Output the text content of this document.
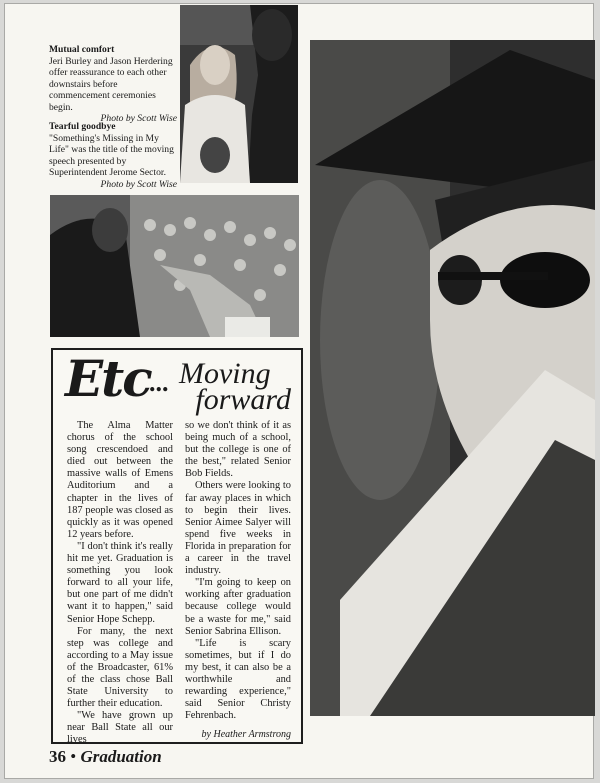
Mutual comfort
Jeri Burley and Jason Herdering offer reassurance to each other downstairs before commencement ceremonies begin.
Photo by Scott Wise
Tearful goodbye
"Something's Missing in My Life" was the title of the moving speech presented by Superintendent Jerome Sector.
Photo by Scott Wise
Etc
... Moving
forward

The Alma Matter chorus of the school song crescendoed and died out between the massive walls of Emens Auditorium and a chapter in the lives of 187 people was closed as quickly as it was opened 12 years before.

"I don't think it's really hit me yet. Graduation is something you look forward to all your life, but one part of me didn't want it to happen," said Senior Hope Schepp.

For many, the next step was college and according to a May issue of the Broadcaster, 61% of the class chose Ball State University to further their education.

"We have grown up near Ball State all our lives

so we don't think of it as being much of a school, but the college is one of the best," related Senior Bob Fields.

Others were looking to far away places in which to begin their lives. Senior Aimee Salyer will spend five weeks in Florida in preparation for a career in the travel industry.

"I'm going to keep on working after graduation because college would be a waste for me," said Senior Sabrina Ellison.

"Life is scary sometimes, but if I do my best, it can also be a worthwhile and rewarding experience," said Senior Christy Fehrenbach.

by Heather Armstrong
36 • Graduation
